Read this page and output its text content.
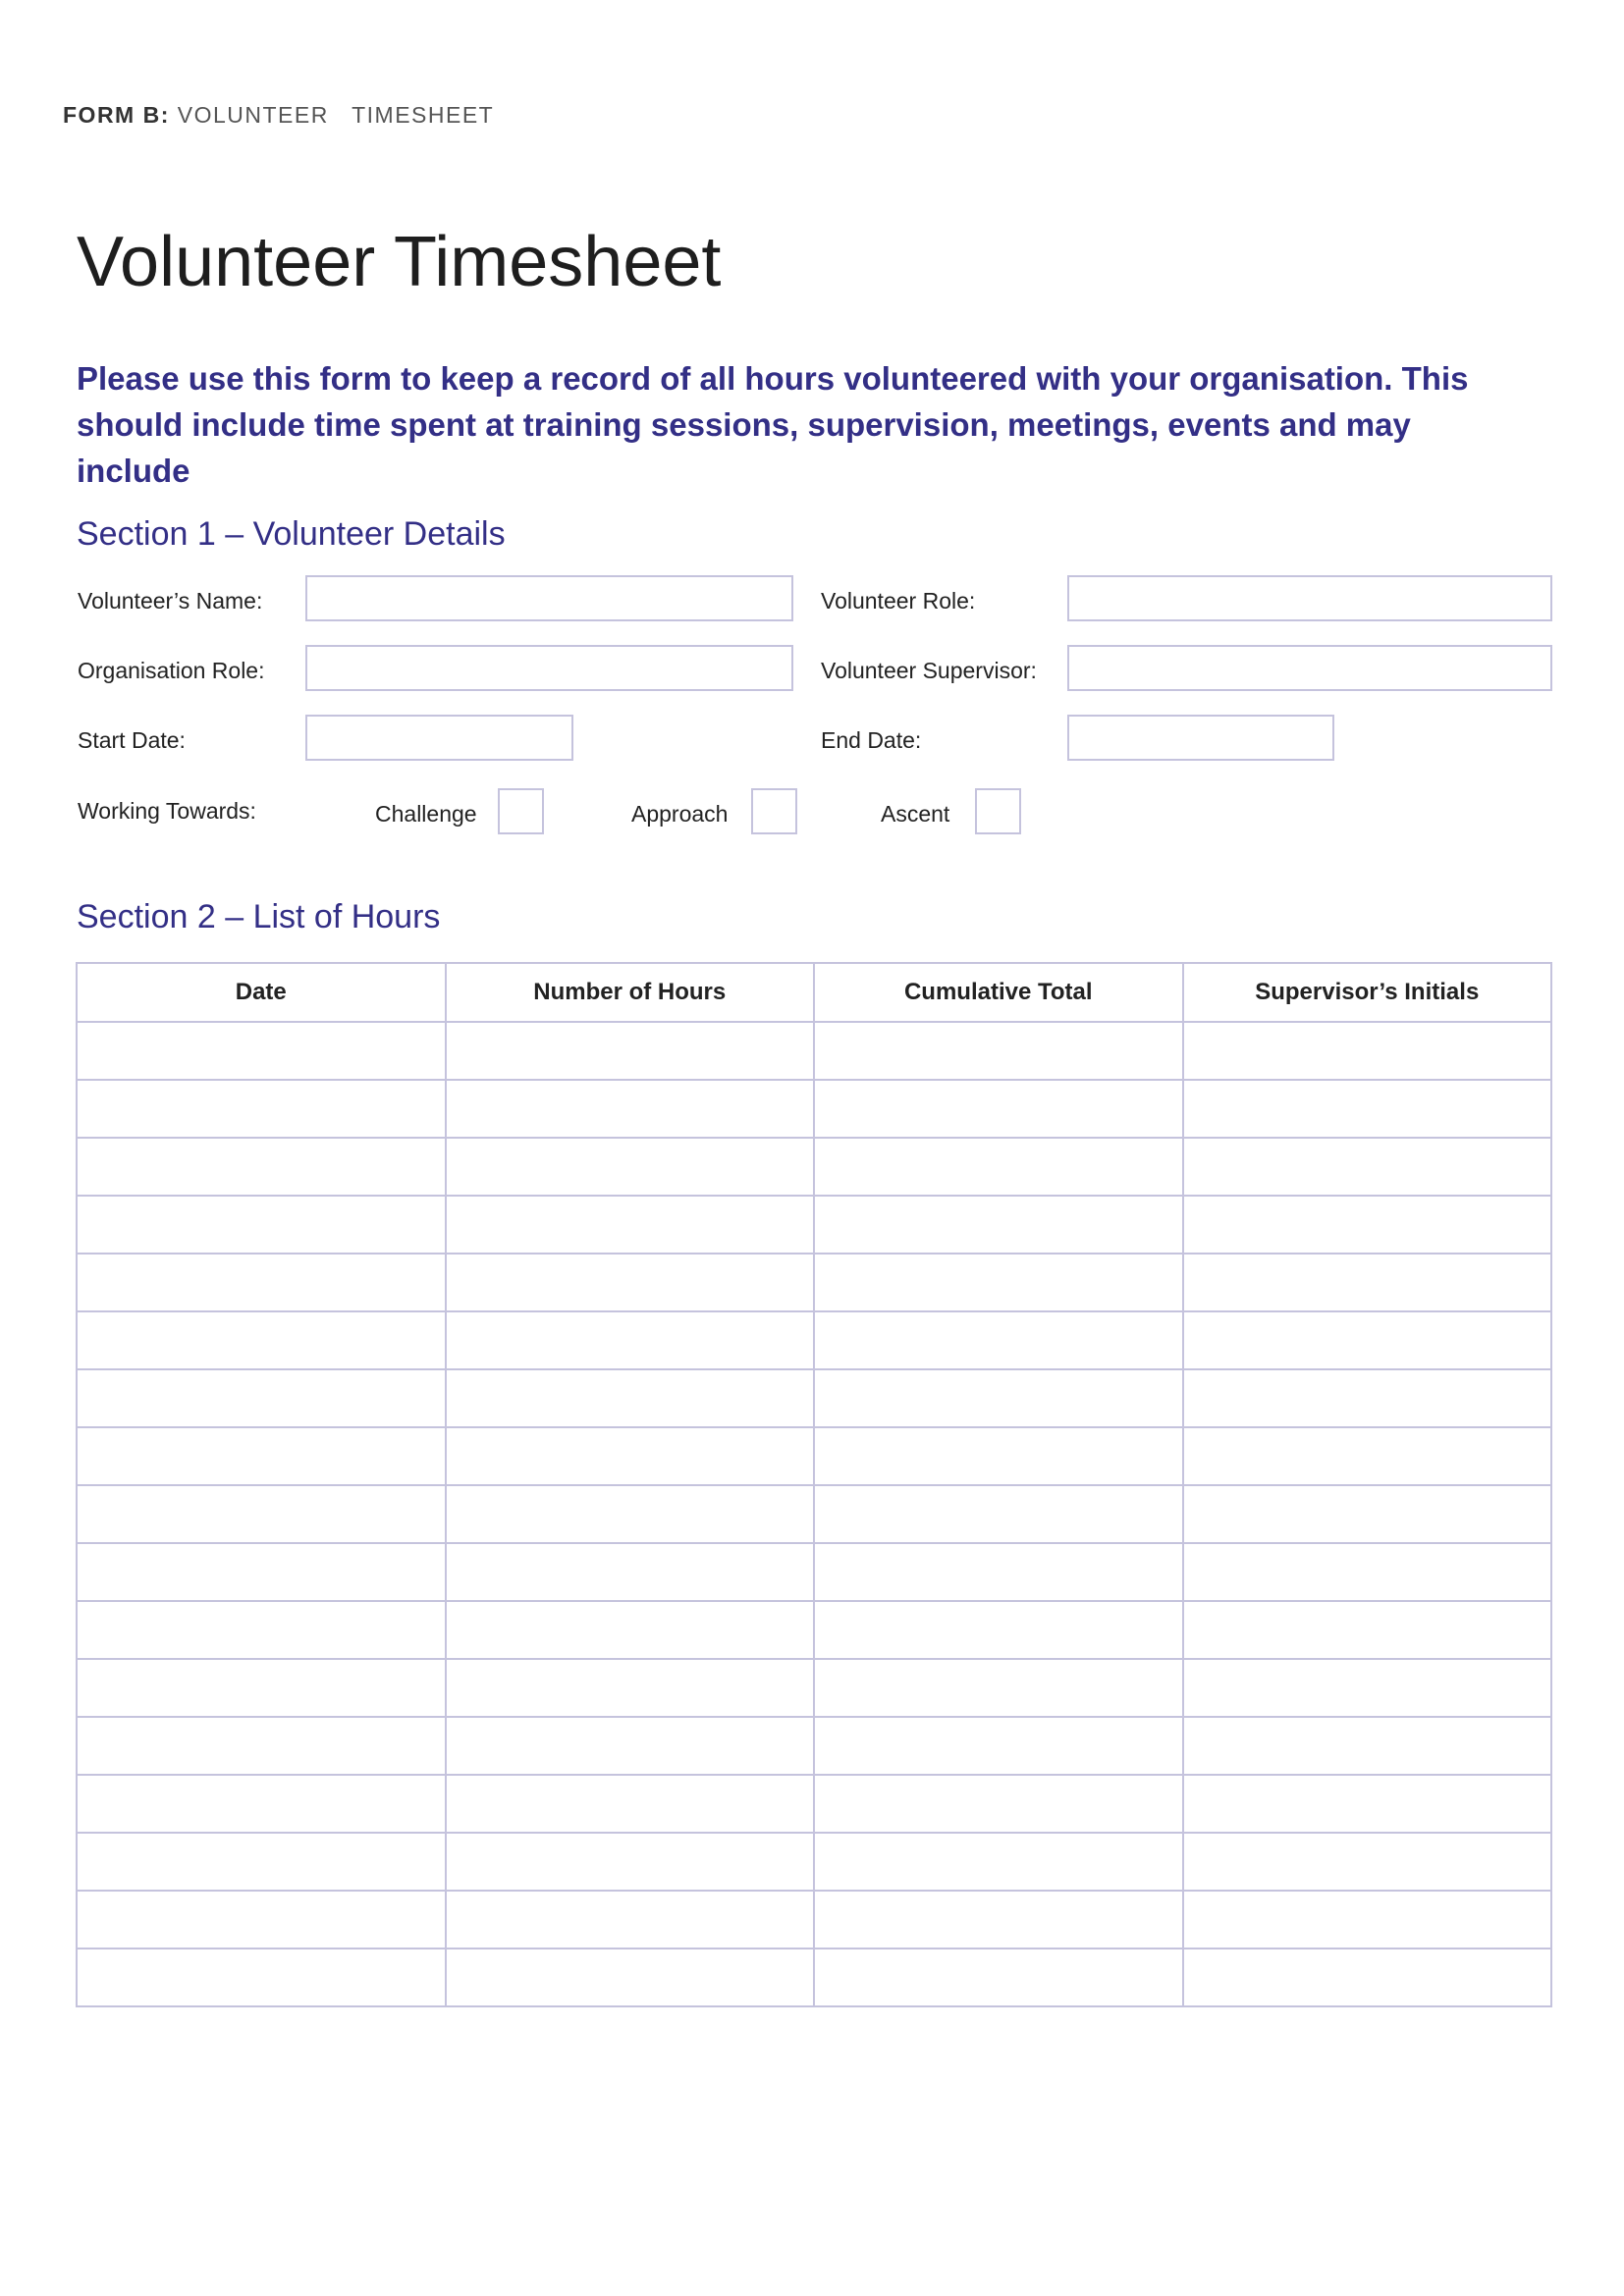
FORM B: VOLUNTEER   TIMESHEET
Volunteer Timesheet

Please use this form to keep a record of all hours volunteered with your organisation. This should include time spent at training sessions, supervision, meetings, events and may include

Section 1 – Volunteer Details
Volunteer’s Name:	Volunteer Role:
Organisation Role:	Volunteer Supervisor:
Start Date:	End Date:
Working Towards:	Challenge	Approach	Ascent
Section 2 – List of Hours
Date	Number of Hours	Cumulative Total	Supervisor’s Initials
